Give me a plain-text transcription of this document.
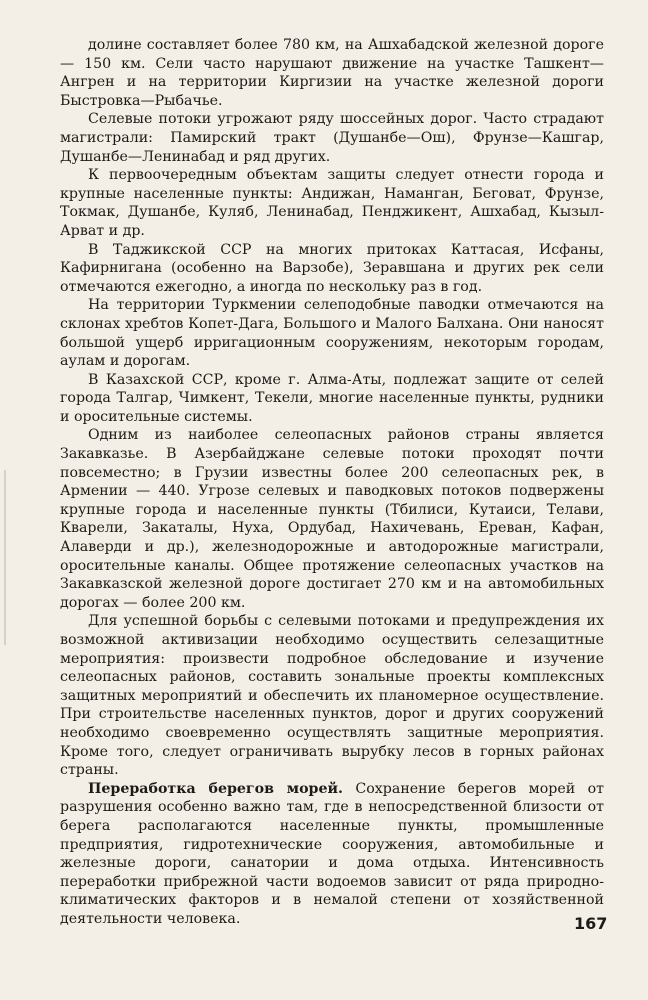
долине составляет более 780 км, на Ашхабадской железной дороге — 150 км. Сели часто нарушают движение на участке Ташкент—Ангрен и на территории Киргизии на участке железной дороги Быстровка—Рыбачье.

Селевые потоки угрожают ряду шоссейных дорог. Часто страдают магистрали: Памирский тракт (Душанбе—Ош), Фрунзе—Кашгар, Душанбе—Ленинабад и ряд других.

К первоочередным объектам защиты следует отнести города и крупные населенные пункты: Андижан, Наманган, Беговат, Фрунзе, Токмак, Душанбе, Куляб, Ленинабад, Пенджикент, Ашхабад, Кызыл-Арват и др.

В Таджикской ССР на многих притоках Каттасая, Исфаны, Кафирнигана (особенно на Варзобе), Зеравшана и других рек сели отмечаются ежегодно, а иногда по нескольку раз в год.

На территории Туркмении селеподобные паводки отмечаются на склонах хребтов Копет-Дага, Большого и Малого Балхана. Они наносят большой ущерб ирригационным сооружениям, некоторым городам, аулам и дорогам.

В Казахской ССР, кроме г. Алма-Аты, подлежат защите от селей города Талгар, Чимкент, Текели, многие населенные пункты, рудники и оросительные системы.

Одним из наиболее селеопасных районов страны является Закавказье. В Азербайджане селевые потоки проходят почти повсеместно; в Грузии известны более 200 селеопасных рек, в Армении — 440. Угрозе селевых и паводковых потоков подвержены крупные города и населенные пункты (Тбилиси, Кутаиси, Телави, Кварели, Закаталы, Нуха, Ордубад, Нахичевань, Ереван, Кафан, Алаверди и др.), железнодорожные и автодорожные магистрали, оросительные каналы. Общее протяжение селеопасных участков на Закавказской железной дороге достигает 270 км и на автомобильных дорогах — более 200 км.

Для успешной борьбы с селевыми потоками и предупреждения их возможной активизации необходимо осуществить селезащитные мероприятия: произвести подробное обследование и изучение селеопасных районов, составить зональные проекты комплексных защитных мероприятий и обеспечить их планомерное осуществление. При строительстве населенных пунктов, дорог и других сооружений необходимо своевременно осуществлять защитные мероприятия. Кроме того, следует ограничивать вырубку лесов в горных районах страны.

Переработка берегов морей. Сохранение берегов морей от разрушения особенно важно там, где в непосредственной близости от берега располагаются населенные пункты, промышленные предприятия, гидротехнические сооружения, автомобильные и железные дороги, санатории и дома отдыха. Интенсивность переработки прибрежной части водоемов зависит от ряда природно-климатических факторов и в немалой степени от хозяйственной деятельности человека.	167
